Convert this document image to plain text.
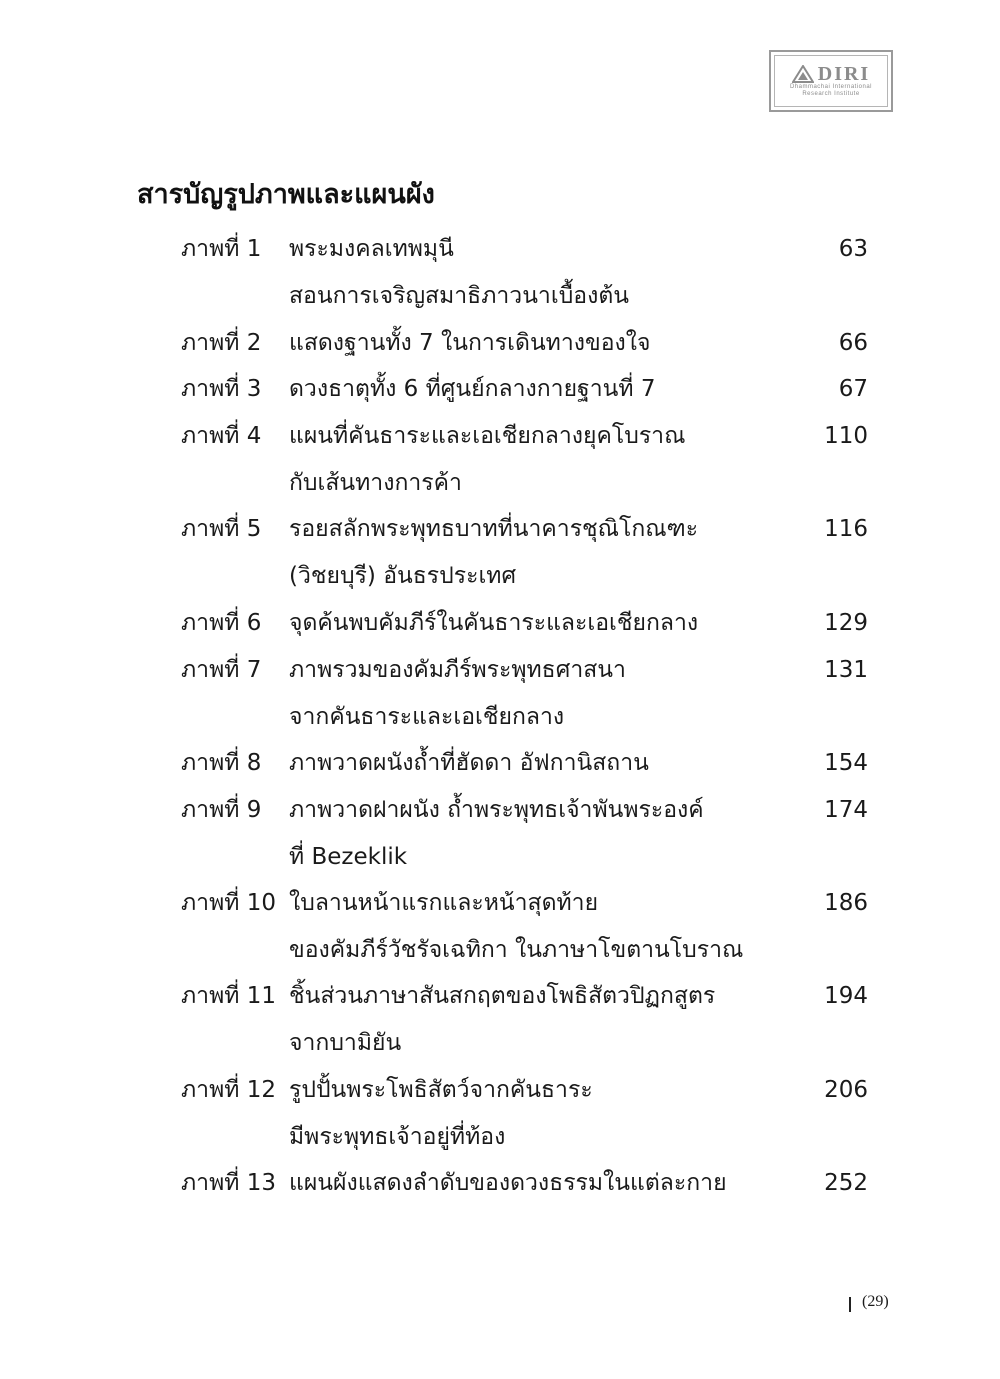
DIRI
Dhammachai International
Research Institute
สารบัญรูปภาพและแผนผัง
ภาพที่ 1 พระมงคลเทพมุนี	63
สอนการเจริญสมาธิภาวนาเบื้องต้น
ภาพที่ 2 แสดงฐานทั้ง 7 ในการเดินทางของใจ	66
ภาพที่ 3 ดวงธาตุทั้ง 6 ที่ศูนย์กลางกายฐานที่ 7	67
ภาพที่ 4 แผนที่คันธาระและเอเชียกลางยุคโบราณ	110
กับเส้นทางการค้า
ภาพที่ 5 รอยสลักพระพุทธบาทที่นาคารชุณิโกณฑะ	116
(วิชยบุรี) อันธรประเทศ
ภาพที่ 6 จุดค้นพบคัมภีร์ในคันธาระและเอเชียกลาง	129
ภาพที่ 7 ภาพรวมของคัมภีร์พระพุทธศาสนา	131
จากคันธาระและเอเชียกลาง
ภาพที่ 8 ภาพวาดผนังถ้ำที่ฮัดดา อัฟกานิสถาน	154
ภาพที่ 9 ภาพวาดฝาผนัง ถ้ำพระพุทธเจ้าพันพระองค์	174
ที่ Bezeklik
ภาพที่ 10 ใบลานหน้าแรกและหน้าสุดท้าย	186
ของคัมภีร์วัชรัจเฉทิกา ในภาษาโขตานโบราณ
ภาพที่ 11 ชิ้นส่วนภาษาสันสกฤตของโพธิสัตวปิฏกสูตร	194
จากบามิยัน
ภาพที่ 12 รูปปั้นพระโพธิสัตว์จากคันธาระ	206
มีพระพุทธเจ้าอยู่ที่ท้อง
ภาพที่ 13 แผนผังแสดงลำดับของดวงธรรมในแต่ละกาย	252
(29)
